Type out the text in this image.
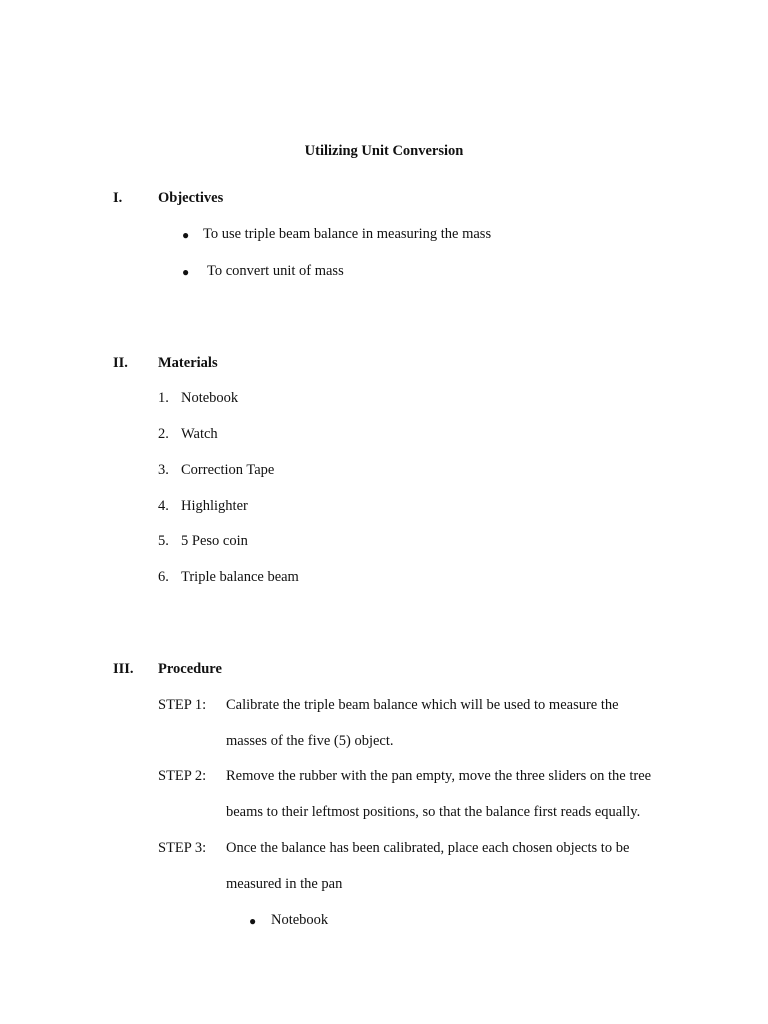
Utilizing Unit Conversion
I. Objectives
● To use triple beam balance in measuring the mass
● To convert unit of mass
II. Materials
1. Notebook
2. Watch
3. Correction Tape
4. Highlighter
5. 5 Peso coin
6. Triple balance beam
III. Procedure
STEP 1: Calibrate the triple beam balance which will be used to measure the
masses of the five (5) object.
STEP 2: Remove the rubber with the pan empty, move the three sliders on the tree
beams to their leftmost positions, so that the balance first reads equally.
STEP 3: Once the balance has been calibrated, place each chosen objects to be
measured in the pan
● Notebook
